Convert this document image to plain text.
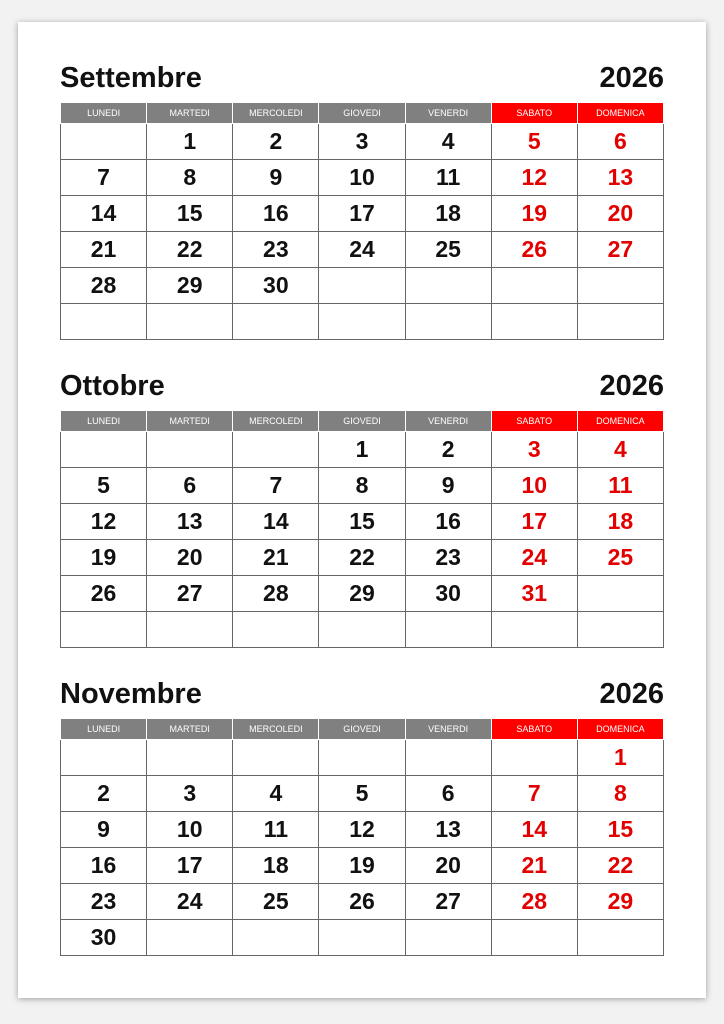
Settembre	2026
LUNEDI	MARTEDI	MERCOLEDI	GIOVEDI	VENERDI	SABATO	DOMENICA
	1	2	3	4	5	6
7	8	9	10	11	12	13
14	15	16	17	18	19	20
21	22	23	24	25	26	27
28	29	30				

Ottobre	2026
LUNEDI	MARTEDI	MERCOLEDI	GIOVEDI	VENERDI	SABATO	DOMENICA
			1	2	3	4
5	6	7	8	9	10	11
12	13	14	15	16	17	18
19	20	21	22	23	24	25
26	27	28	29	30	31	

Novembre	2026
LUNEDI	MARTEDI	MERCOLEDI	GIOVEDI	VENERDI	SABATO	DOMENICA
						1
2	3	4	5	6	7	8
9	10	11	12	13	14	15
16	17	18	19	20	21	22
23	24	25	26	27	28	29
30						
